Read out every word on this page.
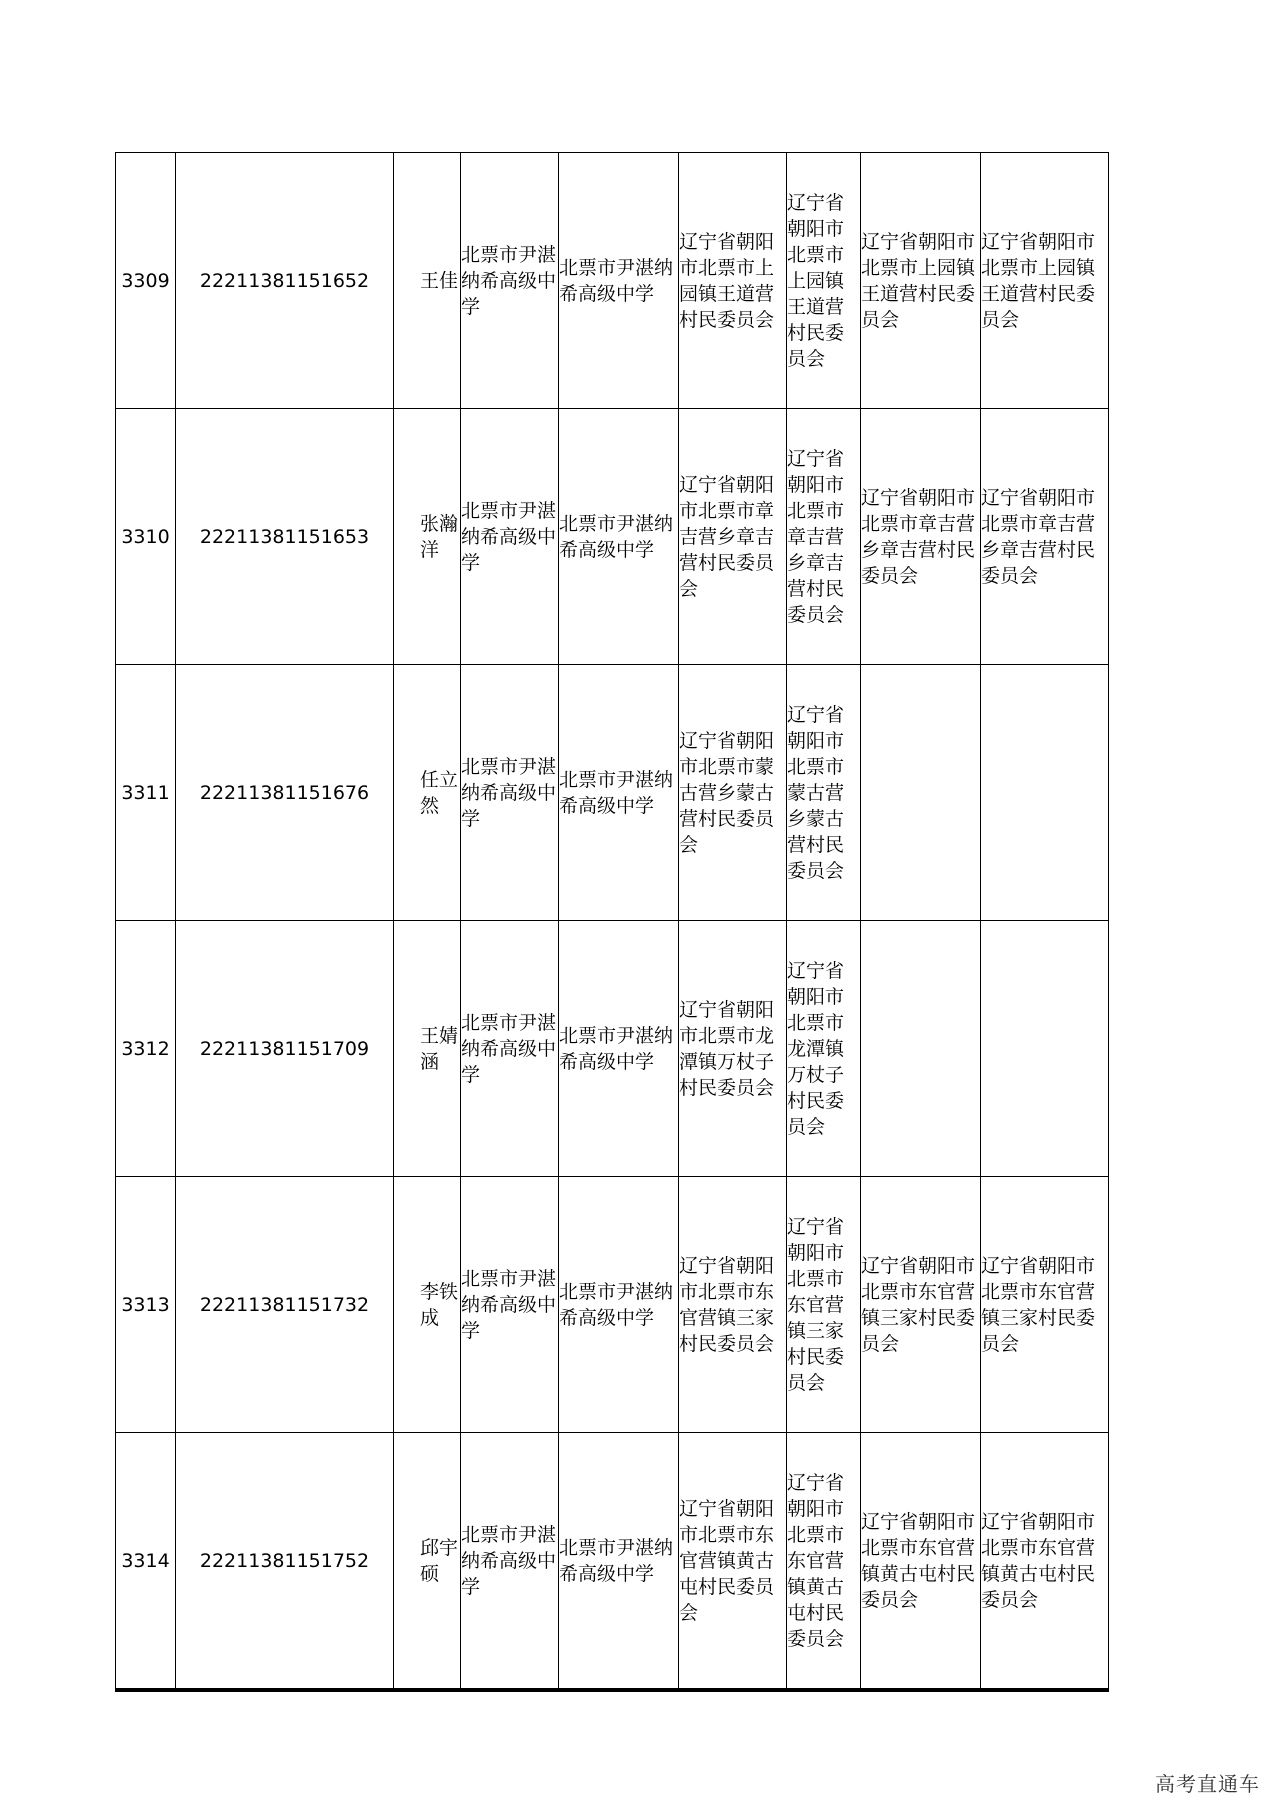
3309	22211381151652	王佳	北票市尹湛纳希高级中学	北票市尹湛纳希高级中学	辽宁省朝阳市北票市上园镇王道营村民委员会	辽宁省朝阳市北票市上园镇王道营村民委员会	辽宁省朝阳市北票市上园镇王道营村民委员会	辽宁省朝阳市北票市上园镇王道营村民委员会

3310	22211381151653	张瀚洋	北票市尹湛纳希高级中学	北票市尹湛纳希高级中学	辽宁省朝阳市北票市章吉营乡章吉营村民委员会	辽宁省朝阳市北票市章吉营乡章吉营村民委员会	辽宁省朝阳市北票市章吉营乡章吉营村民委员会	辽宁省朝阳市北票市章吉营乡章吉营村民委员会

3311	22211381151676	任立然	北票市尹湛纳希高级中学	北票市尹湛纳希高级中学	辽宁省朝阳市北票市蒙古营乡蒙古营村民委员会	辽宁省朝阳市北票市蒙古营乡蒙古营村民委员会		

3312	22211381151709	王婧涵	北票市尹湛纳希高级中学	北票市尹湛纳希高级中学	辽宁省朝阳市北票市龙潭镇万杖子村民委员会	辽宁省朝阳市北票市龙潭镇万杖子村民委员会		

3313	22211381151732	李铁成	北票市尹湛纳希高级中学	北票市尹湛纳希高级中学	辽宁省朝阳市北票市东官营镇三家村民委员会	辽宁省朝阳市北票市东官营镇三家村民委员会	辽宁省朝阳市北票市东官营镇三家村民委员会	辽宁省朝阳市北票市东官营镇三家村民委员会

3314	22211381151752	邱宇硕	北票市尹湛纳希高级中学	北票市尹湛纳希高级中学	辽宁省朝阳市北票市东官营镇黄古屯村民委员会	辽宁省朝阳市北票市东官营镇黄古屯村民委员会	辽宁省朝阳市北票市东官营镇黄古屯村民委员会	辽宁省朝阳市北票市东官营镇黄古屯村民委员会
高考直通车
